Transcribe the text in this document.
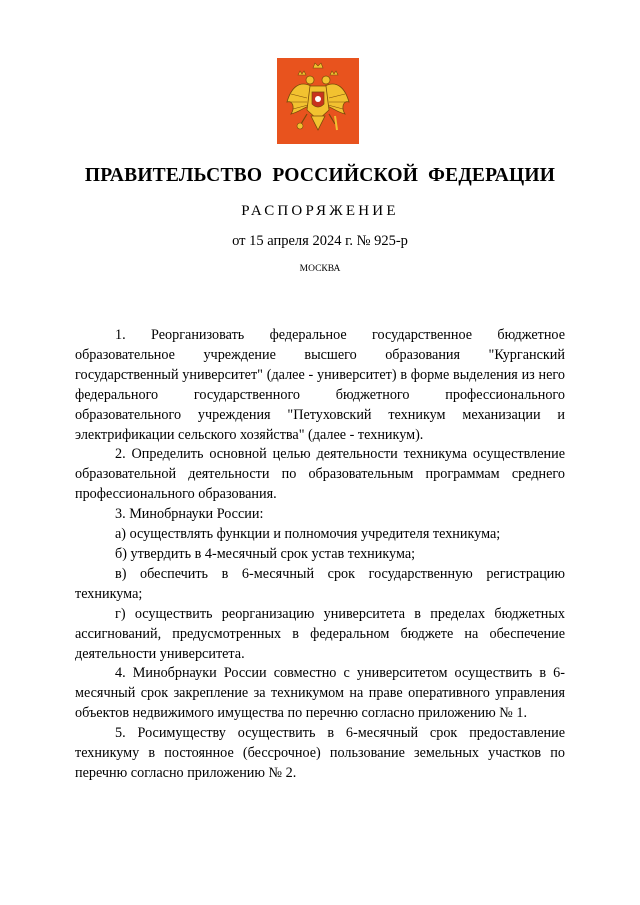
ПРАВИТЕЛЬСТВО РОССИЙСКОЙ ФЕДЕРАЦИИ
РАСПОРЯЖЕНИЕ
от 15 апреля 2024 г. № 925-р
МОСКВА

1. Реорганизовать федеральное государственное бюджетное образовательное учреждение высшего образования "Курганский государственный университет" (далее - университет) в форме выделения из него федерального государственного бюджетного профессионального образовательного учреждения "Петуховский техникум механизации и электрификации сельского хозяйства" (далее - техникум).

2. Определить основной целью деятельности техникума осуществление образовательной деятельности по образовательным программам среднего профессионального образования.

3. Минобрнауки России:

а) осуществлять функции и полномочия учредителя техникума;

б) утвердить в 4-месячный срок устав техникума;

в) обеспечить в 6-месячный срок государственную регистрацию техникума;

г) осуществить реорганизацию университета в пределах бюджетных ассигнований, предусмотренных в федеральном бюджете на обеспечение деятельности университета.

4. Минобрнауки России совместно с университетом осуществить в 6-месячный срок закрепление за техникумом на праве оперативного управления объектов недвижимого имущества по перечню согласно приложению № 1.

5. Росимуществу осуществить в 6-месячный срок предоставление техникуму в постоянное (бессрочное) пользование земельных участков по перечню согласно приложению № 2.
